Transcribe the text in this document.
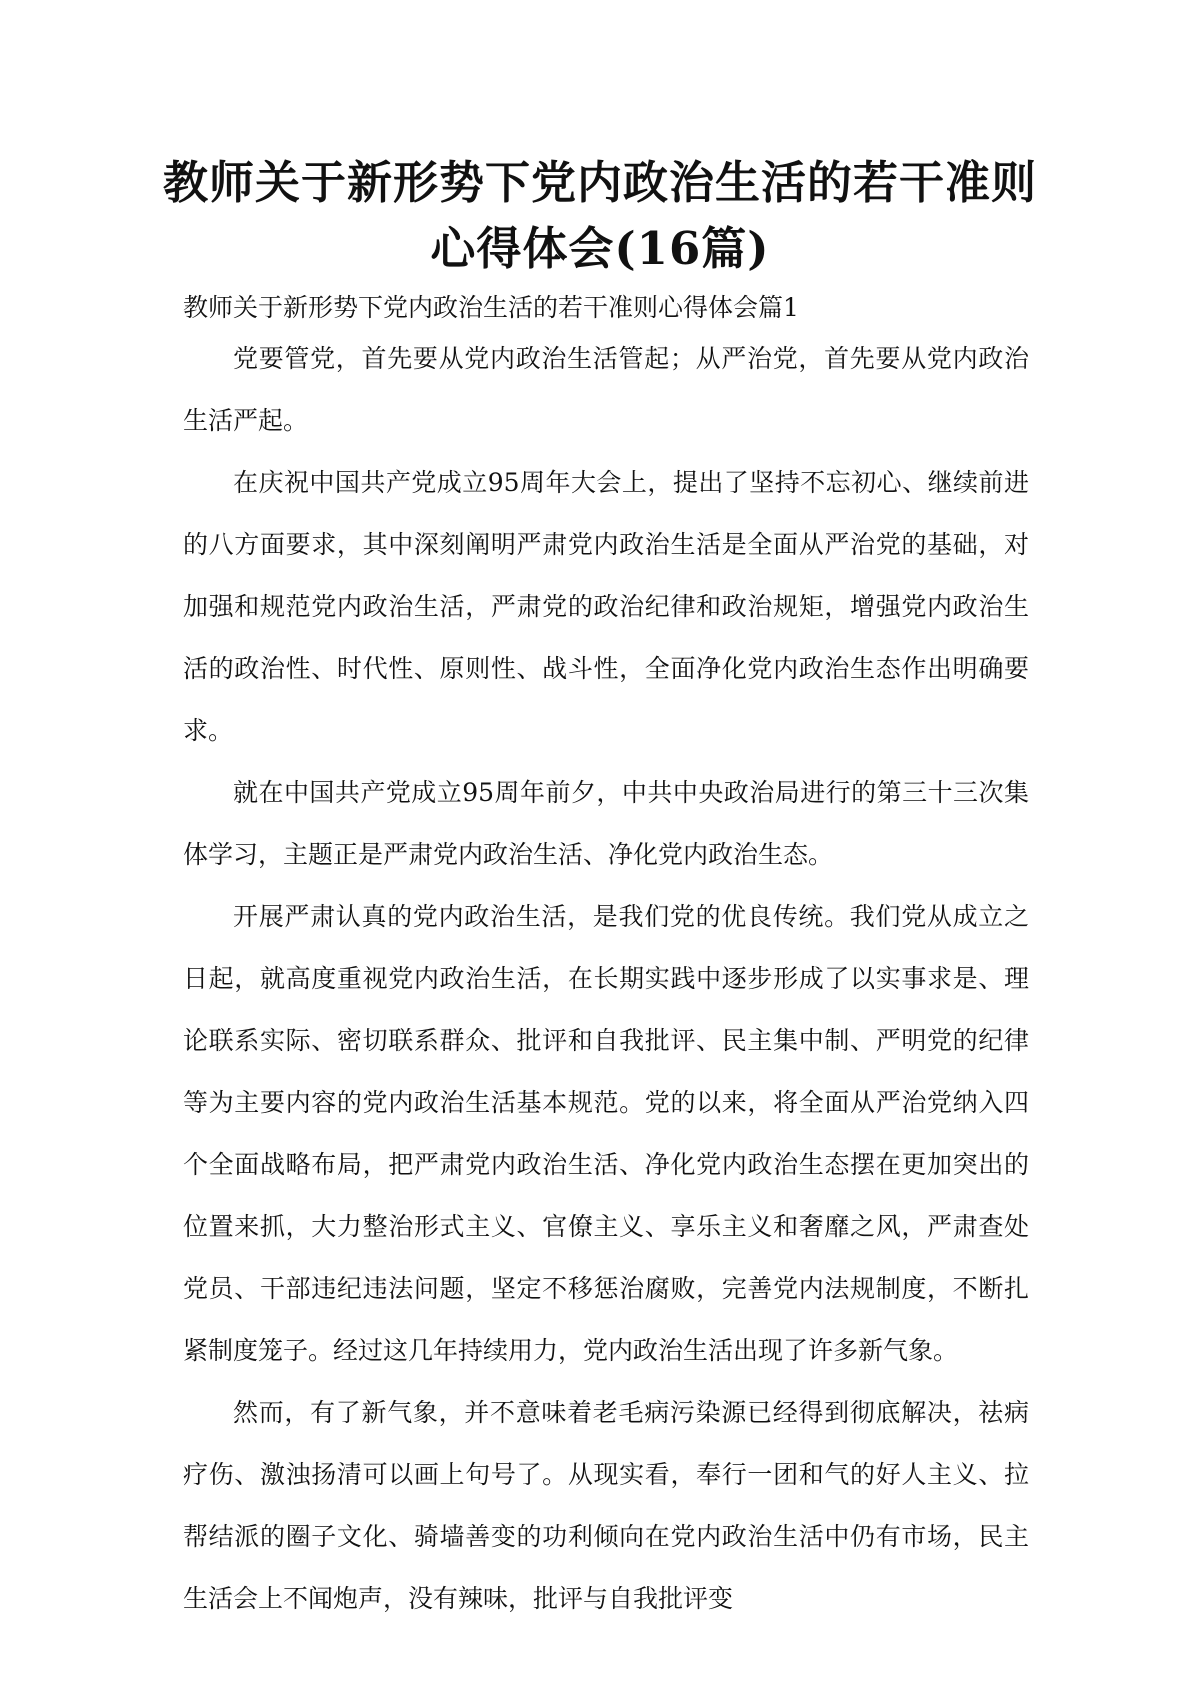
教师关于新形势下党内政治生活的若干准则心得体会(16篇)
教师关于新形势下党内政治生活的若干准则心得体会篇1

党要管党，首先要从党内政治生活管起；从严治党，首先要从党内政治生活严起。

在庆祝中国共产党成立95周年大会上，提出了坚持不忘初心、继续前进的八方面要求，其中深刻阐明严肃党内政治生活是全面从严治党的基础，对加强和规范党内政治生活，严肃党的政治纪律和政治规矩，增强党内政治生活的政治性、时代性、原则性、战斗性，全面净化党内政治生态作出明确要求。

就在中国共产党成立95周年前夕，中共中央政治局进行的第三十三次集体学习，主题正是严肃党内政治生活、净化党内政治生态。

开展严肃认真的党内政治生活，是我们党的优良传统。我们党从成立之日起，就高度重视党内政治生活，在长期实践中逐步形成了以实事求是、理论联系实际、密切联系群众、批评和自我批评、民主集中制、严明党的纪律等为主要内容的党内政治生活基本规范。党的以来，将全面从严治党纳入四个全面战略布局，把严肃党内政治生活、净化党内政治生态摆在更加突出的位置来抓，大力整治形式主义、官僚主义、享乐主义和奢靡之风，严肃查处党员、干部违纪违法问题，坚定不移惩治腐败，完善党内法规制度，不断扎紧制度笼子。经过这几年持续用力，党内政治生活出现了许多新气象。

然而，有了新气象，并不意味着老毛病污染源已经得到彻底解决，祛病疗伤、激浊扬清可以画上句号了。从现实看，奉行一团和气的好人主义、拉帮结派的圈子文化、骑墙善变的功利倾向在党内政治生活中仍有市场，民主生活会上不闻炮声，没有辣味，批评与自我批评变
